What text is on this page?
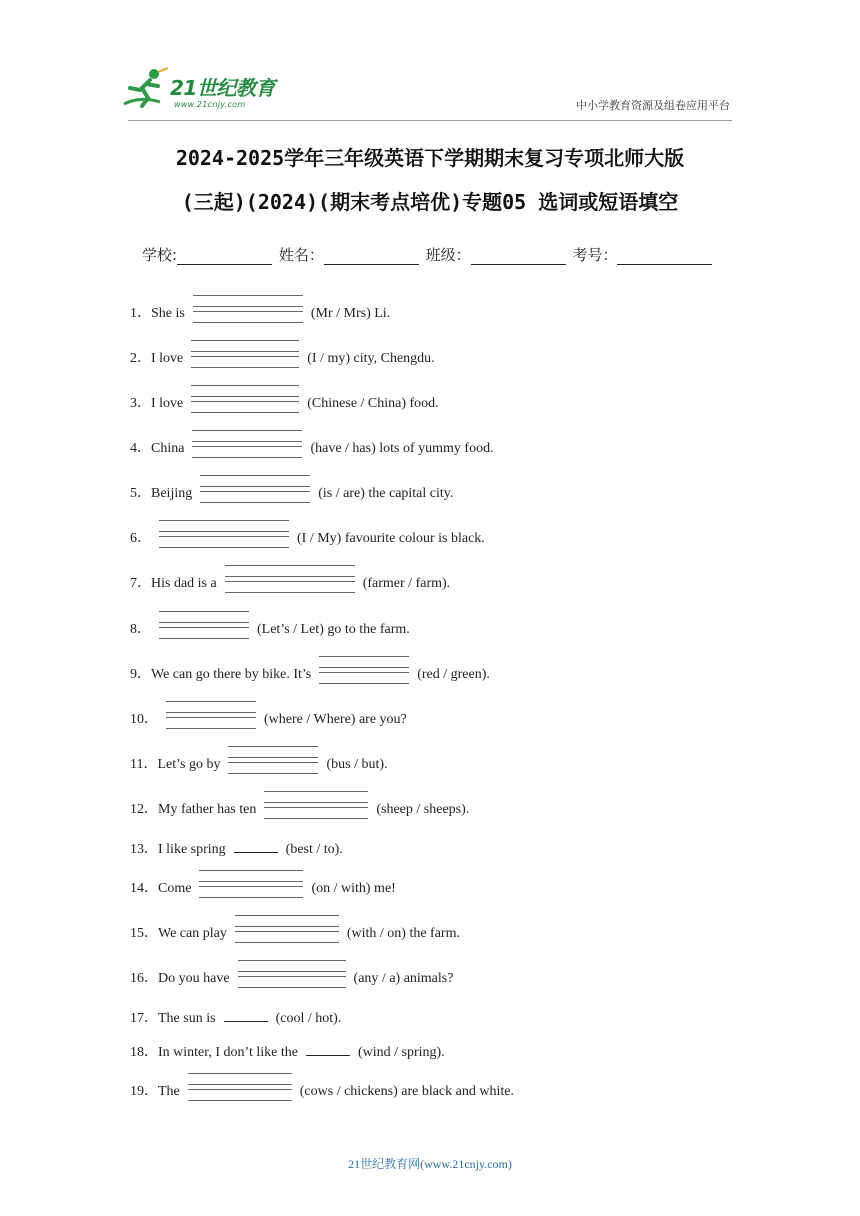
21世纪教育
www.21cnjy.com	中小学教育资源及组卷应用平台
2024-2025学年三年级英语下学期期末复习专项北师大版
(三起)(2024)(期末考点培优)专题05 选词或短语填空
学校:	姓名：	班级：	考号：
1．She is	(Mr / Mrs) Li.
2．I love	(I / my) city, Chengdu.
3．I love	(Chinese / China) food.
4．China	(have / has) lots of yummy food.
5．Beijing	(is / are) the capital city.
6．	(I / My) favourite colour is black.
7．His dad is a	(farmer / farm).
8．	(Let’s / Let) go to the farm.
9．We can go there by bike. It’s	(red / green).
10．	(where / Where) are you?
11．Let’s go by	(bus / but).
12．My father has ten	(sheep / sheeps).
13．I like spring	(best / to).
14．Come	(on / with) me!
15．We can play	(with / on) the farm.
16．Do you have	(any / a) animals?
17．The sun is	(cool / hot).
18．In winter, I don’t like the	(wind / spring).
19．The	(cows / chickens) are black and white.
21世纪教育网(www.21cnjy.com)
